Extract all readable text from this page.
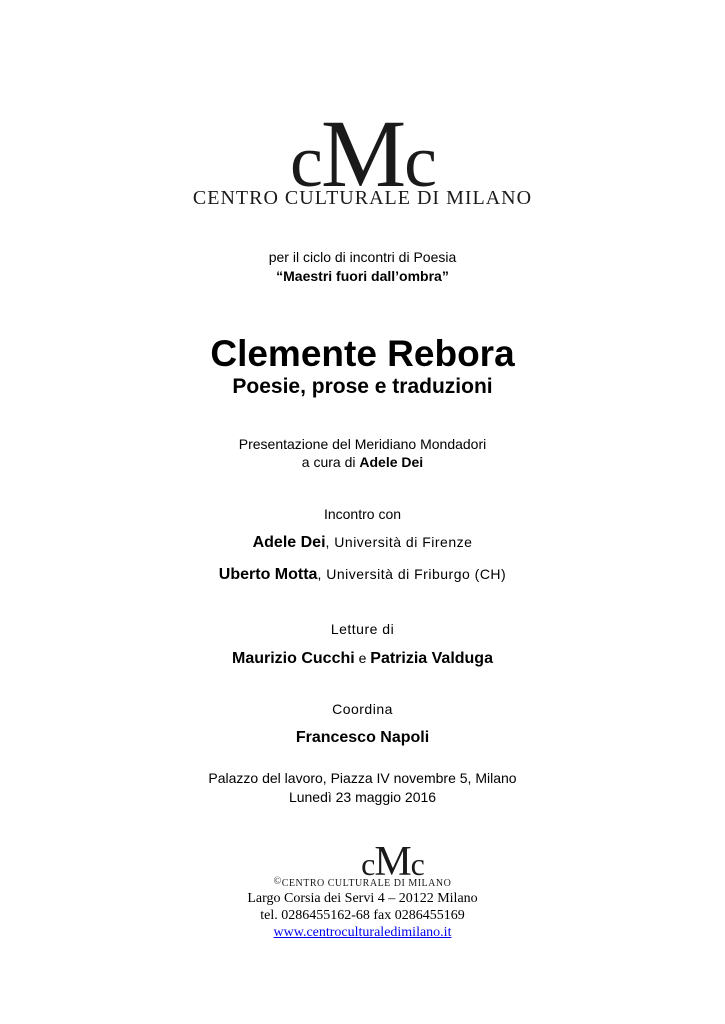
cMc
CENTRO CULTURALE DI MILANO
per il ciclo di incontri di Poesia
“Maestri fuori dall’ombra”
Clemente Rebora
Poesie, prose e traduzioni
Presentazione del Meridiano Mondadori
a cura di Adele Dei
Incontro con
Adele Dei, Università di Firenze
Uberto Motta, Università di Friburgo (CH)
Letture di
Maurizio Cucchi e Patrizia Valduga
Coordina
Francesco Napoli
Palazzo del lavoro, Piazza IV novembre 5, Milano
Lunedì 23 maggio 2016
cMc
©CENTRO CULTURALE DI MILANO
Largo Corsia dei Servi 4 – 20122 Milano
tel. 0286455162-68 fax 0286455169
www.centroculturaledimilano.it
